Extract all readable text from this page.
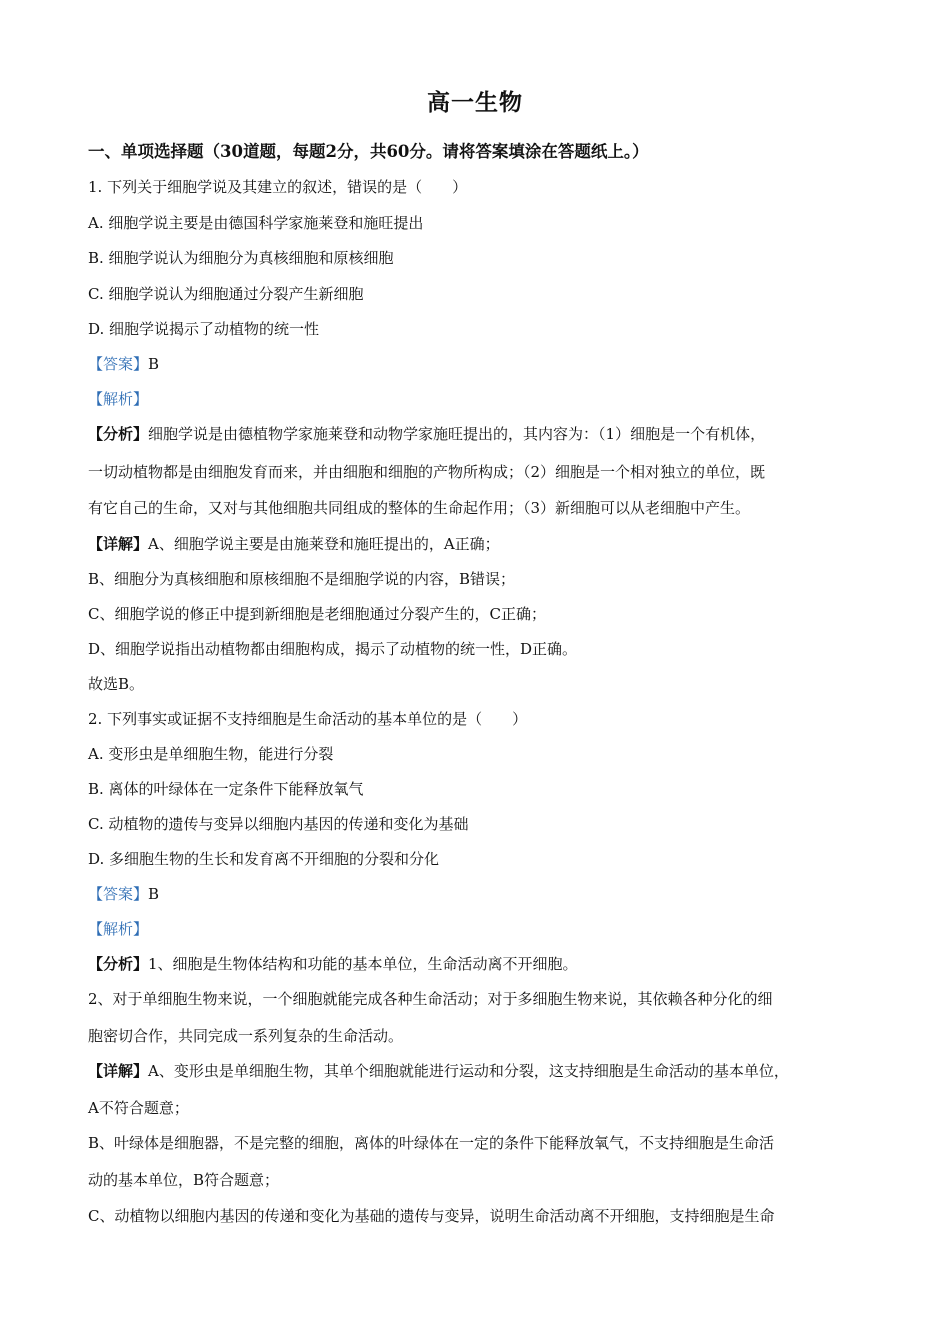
高一生物
一、单项选择题（30道题，每题2分，共60分。请将答案填涂在答题纸上。）
1. 下列关于细胞学说及其建立的叙述，错误的是（　　）
A. 细胞学说主要是由德国科学家施莱登和施旺提出
B. 细胞学说认为细胞分为真核细胞和原核细胞
C. 细胞学说认为细胞通过分裂产生新细胞
D. 细胞学说揭示了动植物的统一性
【答案】B
【解析】
【分析】细胞学说是由德植物学家施莱登和动物学家施旺提出的，其内容为：（1）细胞是一个有机体，
一切动植物都是由细胞发育而来，并由细胞和细胞的产物所构成；（2）细胞是一个相对独立的单位，既
有它自己的生命，又对与其他细胞共同组成的整体的生命起作用；（3）新细胞可以从老细胞中产生。
【详解】A、细胞学说主要是由施莱登和施旺提出的，A正确；
B、细胞分为真核细胞和原核细胞不是细胞学说的内容，B错误；
C、细胞学说的修正中提到新细胞是老细胞通过分裂产生的，C正确；
D、细胞学说指出动植物都由细胞构成，揭示了动植物的统一性，D正确。
故选B。
2. 下列事实或证据不支持细胞是生命活动的基本单位的是（　　）
A. 变形虫是单细胞生物，能进行分裂
B. 离体的叶绿体在一定条件下能释放氧气
C. 动植物的遗传与变异以细胞内基因的传递和变化为基础
D. 多细胞生物的生长和发育离不开细胞的分裂和分化
【答案】B
【解析】
【分析】1、细胞是生物体结构和功能的基本单位，生命活动离不开细胞。
2、对于单细胞生物来说，一个细胞就能完成各种生命活动；对于多细胞生物来说，其依赖各种分化的细
胞密切合作，共同完成一系列复杂的生命活动。
【详解】A、变形虫是单细胞生物，其单个细胞就能进行运动和分裂，这支持细胞是生命活动的基本单位，
A不符合题意；
B、叶绿体是细胞器，不是完整的细胞，离体的叶绿体在一定的条件下能释放氧气，不支持细胞是生命活
动的基本单位，B符合题意；
C、动植物以细胞内基因的传递和变化为基础的遗传与变异，说明生命活动离不开细胞，支持细胞是生命
